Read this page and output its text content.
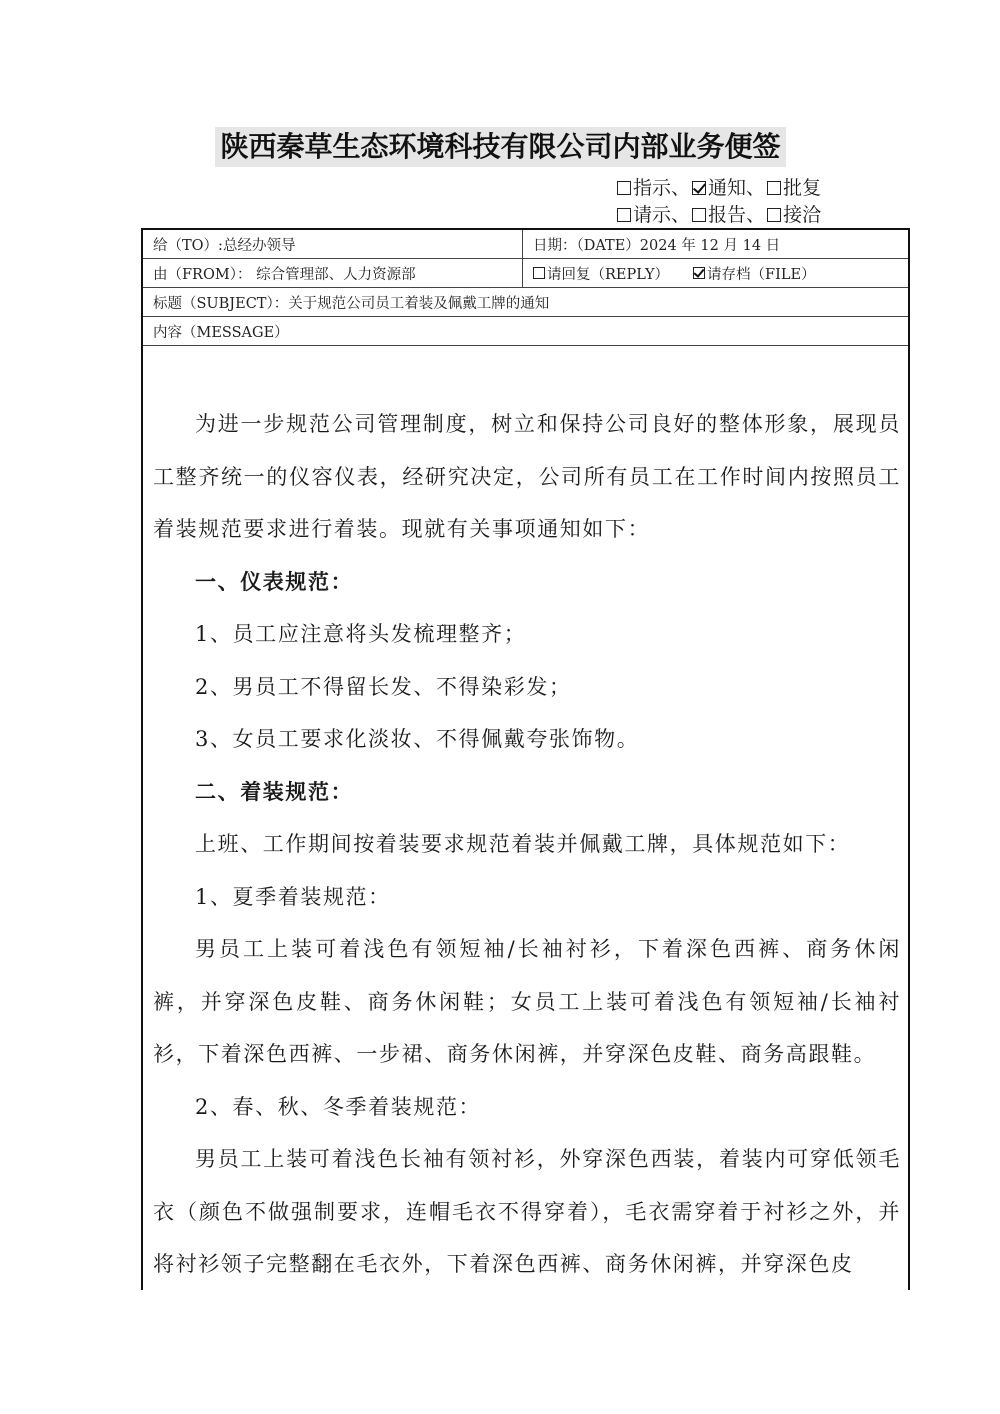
陕西秦草生态环境科技有限公司内部业务便签
指示、 通知、 批复
请示、 报告、 接洽
给（TO）:总经办领导	日期：（DATE）2024 年 12 月 14 日
由（FROM）： 综合管理部、人力资源部	请回复（REPLY）	请存档（FILE）
标题（SUBJECT）：关于规范公司员工着装及佩戴工牌的通知
内容（MESSAGE）

为进一步规范公司管理制度，树立和保持公司良好的整体形象，展现员工整齐统一的仪容仪表，经研究决定，公司所有员工在工作时间内按照员工着装规范要求进行着装。现就有关事项通知如下：

一、仪表规范：

1、员工应注意将头发梳理整齐；

2、男员工不得留长发、不得染彩发；

3、女员工要求化淡妆、不得佩戴夸张饰物。

二、着装规范：

上班、工作期间按着装要求规范着装并佩戴工牌，具体规范如下：

1、夏季着装规范：

男员工上装可着浅色有领短袖/长袖衬衫，下着深色西裤、商务休闲裤，并穿深色皮鞋、商务休闲鞋；女员工上装可着浅色有领短袖/长袖衬衫，下着深色西裤、一步裙、商务休闲裤，并穿深色皮鞋、商务高跟鞋。

2、春、秋、冬季着装规范：

男员工上装可着浅色长袖有领衬衫，外穿深色西装，着装内可穿低领毛衣（颜色不做强制要求，连帽毛衣不得穿着），毛衣需穿着于衬衫之外，并将衬衫领子完整翻在毛衣外，下着深色西裤、商务休闲裤，并穿深色皮
